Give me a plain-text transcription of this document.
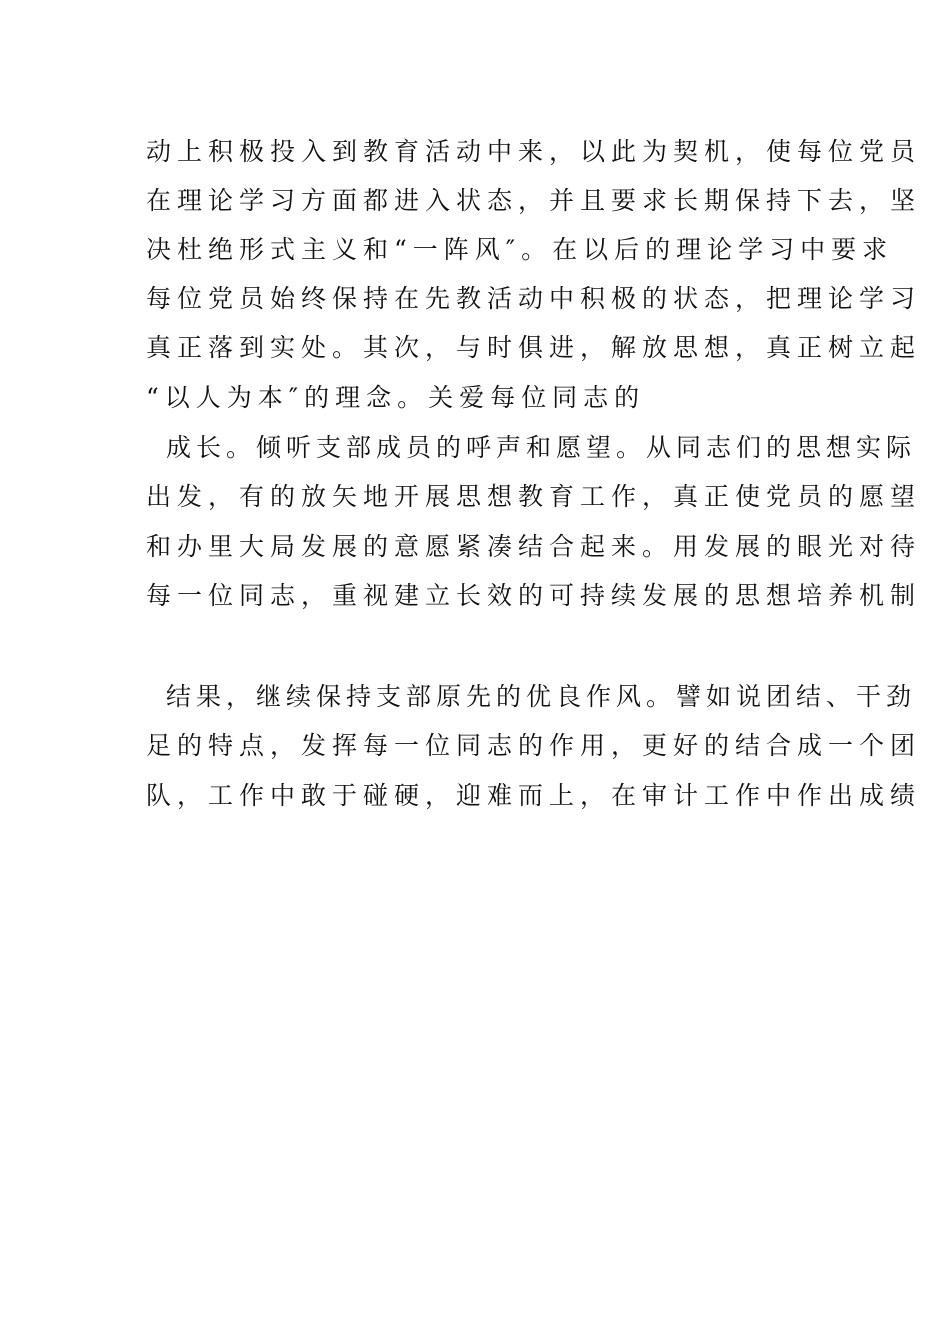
动上积极投入到教育活动中来，以此为契机，使每位党员
在理论学习方面都进入状态，并且要求长期保持下去，坚
决杜绝形式主义和“一阵风″。在以后的理论学习中要求
每位党员始终保持在先教活动中积极的状态，把理论学习
真正落到实处。其次，与时俱进，解放思想，真正树立起
“以人为本″的理念。关爱每位同志的
成长。倾听支部成员的呼声和愿望。从同志们的思想实际
出发，有的放矢地开展思想教育工作，真正使党员的愿望
和办里大局发展的意愿紧凑结合起来。用发展的眼光对待
每一位同志，重视建立长效的可持续发展的思想培养机制
结果，继续保持支部原先的优良作风。譬如说团结、干劲
足的特点，发挥每一位同志的作用，更好的结合成一个团
队，工作中敢于碰硬，迎难而上，在审计工作中作出成绩
